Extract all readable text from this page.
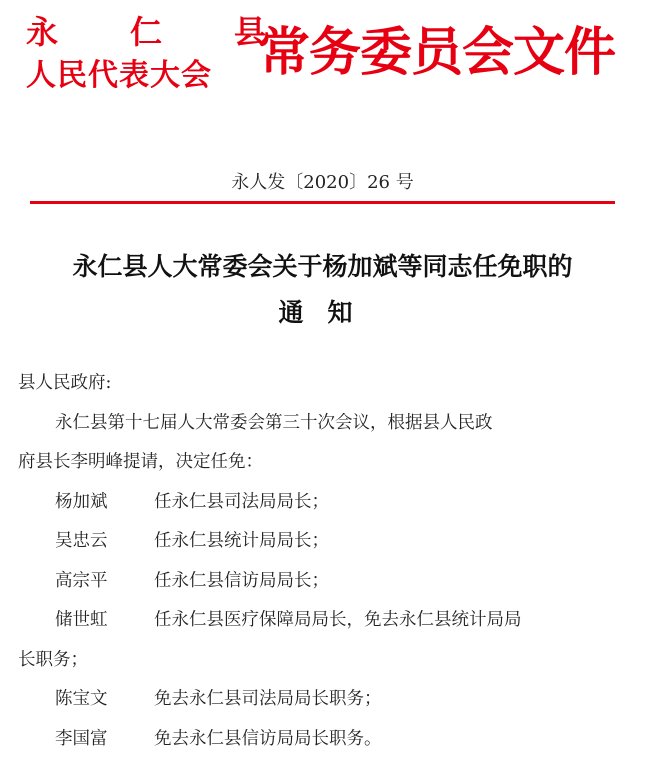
永 仁 县
人民代表大会 常务委员会文件
永人发〔2020〕26 号
永仁县人大常委会关于杨加斌等同志任免职的
通知

县人民政府:

永仁县第十七届人大常委会第三十次会议，根据县人民政

府县长李明峰提请，决定任免：

杨加斌	任永仁县司法局局长；

吴忠云	任永仁县统计局局长；

高宗平	任永仁县信访局局长；

储世虹	任永仁县医疗保障局局长，免去永仁县统计局局

长职务；

陈宝文	免去永仁县司法局局长职务；

李国富	免去永仁县信访局局长职务。
